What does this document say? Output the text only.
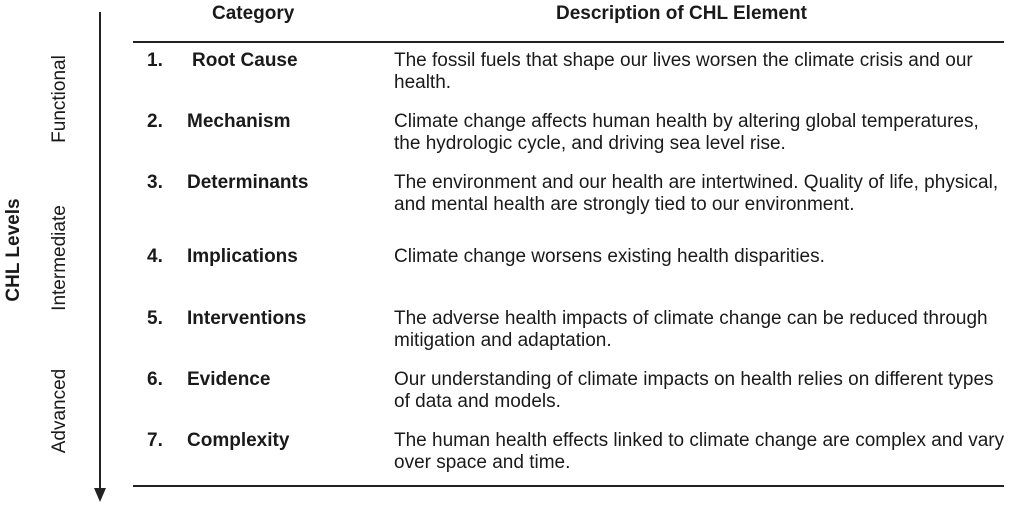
CHL Levels
Functional
Intermediate
Advanced
Category	Description of CHL Element
1. Root Cause	The fossil fuels that shape our lives worsen the climate crisis and our health.
2. Mechanism	Climate change affects human health by altering global temperatures, the hydrologic cycle, and driving sea level rise.
3. Determinants	The environment and our health are intertwined. Quality of life, physical, and mental health are strongly tied to our environment.
4. Implications	Climate change worsens existing health disparities.
5. Interventions	The adverse health impacts of climate change can be reduced through mitigation and adaptation.
6. Evidence	Our understanding of climate impacts on health relies on different types of data and models.
7. Complexity	The human health effects linked to climate change are complex and vary over space and time.
